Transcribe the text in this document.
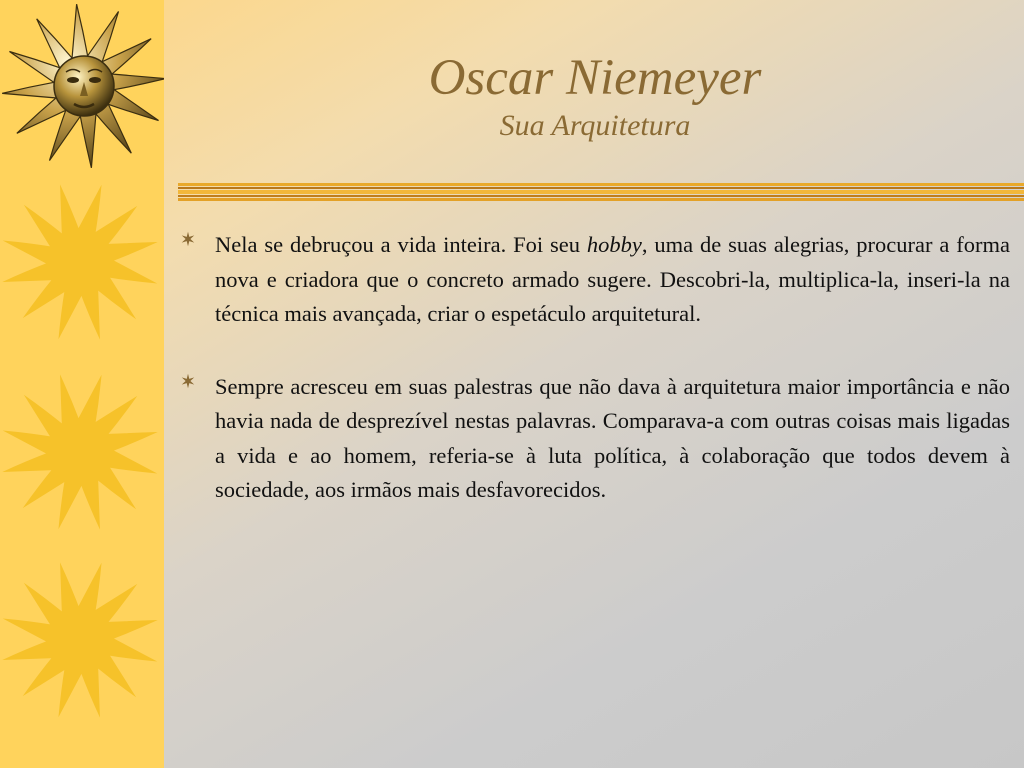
Oscar Niemeyer
Sua Arquitetura
Nela se debruçou a vida inteira. Foi seu hobby, uma de suas alegrias, procurar a forma nova e criadora que o concreto armado sugere. Descobri-la, multiplica-la, inseri-la na técnica mais avançada, criar o espetáculo arquitetural.
Sempre acresceu em suas palestras que não dava à arquitetura maior importância e não havia nada de desprezível nestas palavras. Comparava-a com outras coisas mais ligadas a vida e ao homem, referia-se à luta política, à colaboração que todos devem à sociedade, aos irmãos mais desfavorecidos.
